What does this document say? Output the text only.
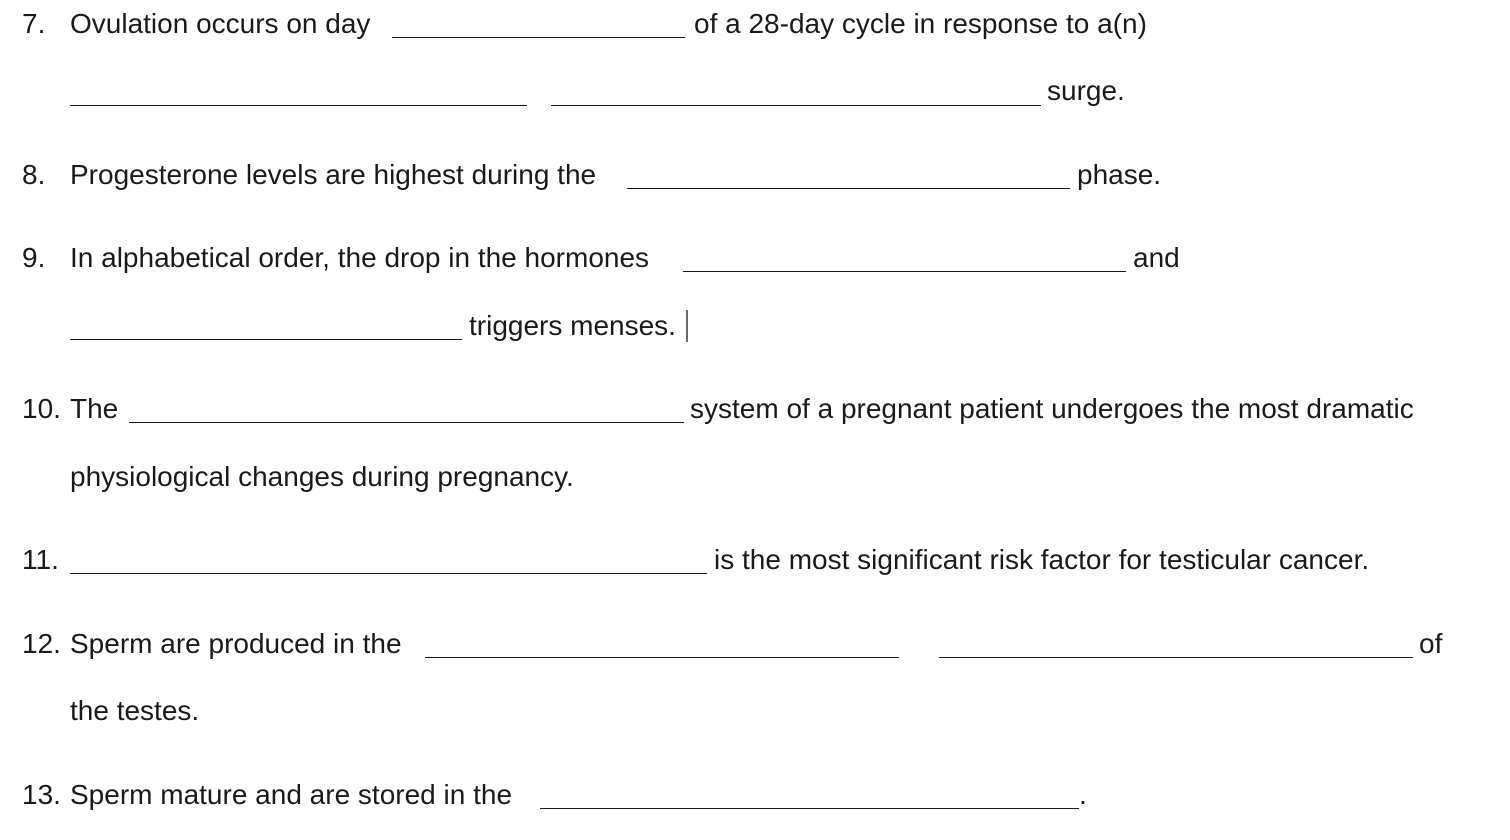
7. Ovulation occurs on day	of a 28-day cycle in response to a(n)
surge.
8. Progesterone levels are highest during the	phase.
9. In alphabetical order, the drop in the hormones	and
triggers menses.
10. The	system of a pregnant patient undergoes the most dramatic
physiological changes during pregnancy.
11.	is the most significant risk factor for testicular cancer.
12. Sperm are produced in the	of
the testes.
13. Sperm mature and are stored in the	.
